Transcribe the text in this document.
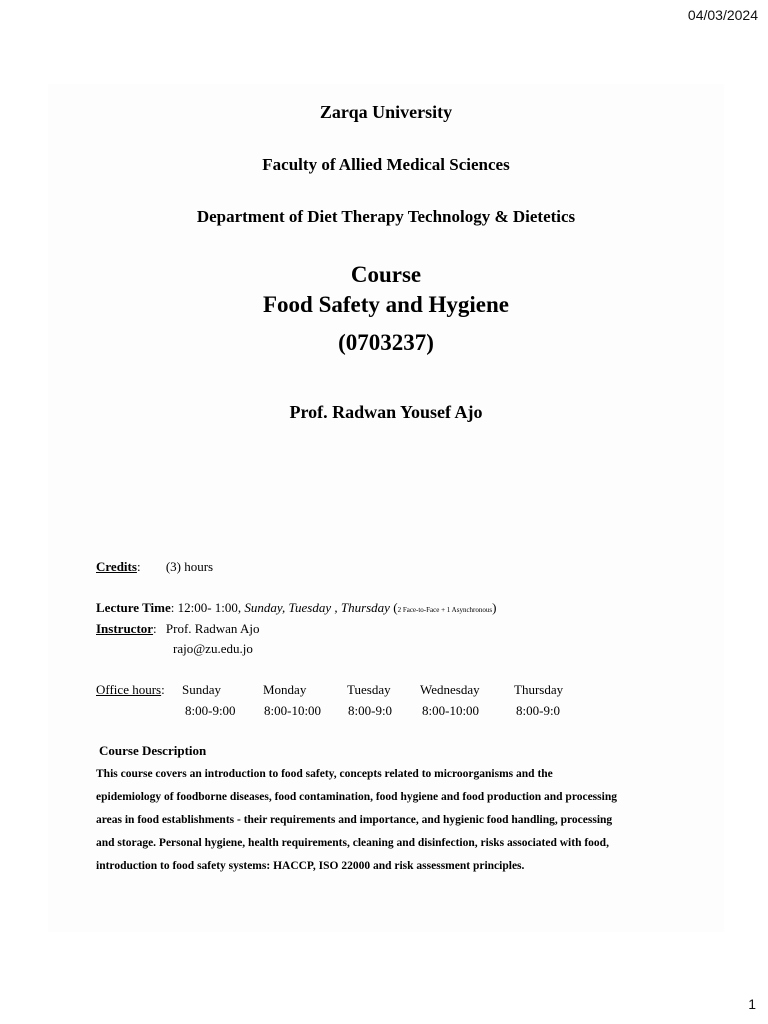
04/03/2024
Zarqa University
Faculty of Allied Medical Sciences
Department of Diet Therapy Technology & Dietetics
Course
Food Safety and Hygiene
(0703237)
Prof. Radwan Yousef Ajo
Credits: (3) hours
Lecture Time: 12:00- 1:00, Sunday, Tuesday , Thursday (2 Face-to-Face + 1 Asynchronous)
Instructor: Prof. Radwan Ajo
rajo@zu.edu.jo
Office hours: Sunday
8:00-9:00
Monday
8:00-10:00
Tuesday
8:00-9:0
Wednesday
8:00-10:00
Thursday
8:00-9:0
Course Description
This course covers an introduction to food safety, concepts related to microorganisms and the
epidemiology of foodborne diseases, food contamination, food hygiene and food production and processing
areas in food establishments - their requirements and importance, and hygienic food handling, processing
and storage. Personal hygiene, health requirements, cleaning and disinfection, risks associated with food,
introduction to food safety systems: HACCP, ISO 22000 and risk assessment principles.
1
